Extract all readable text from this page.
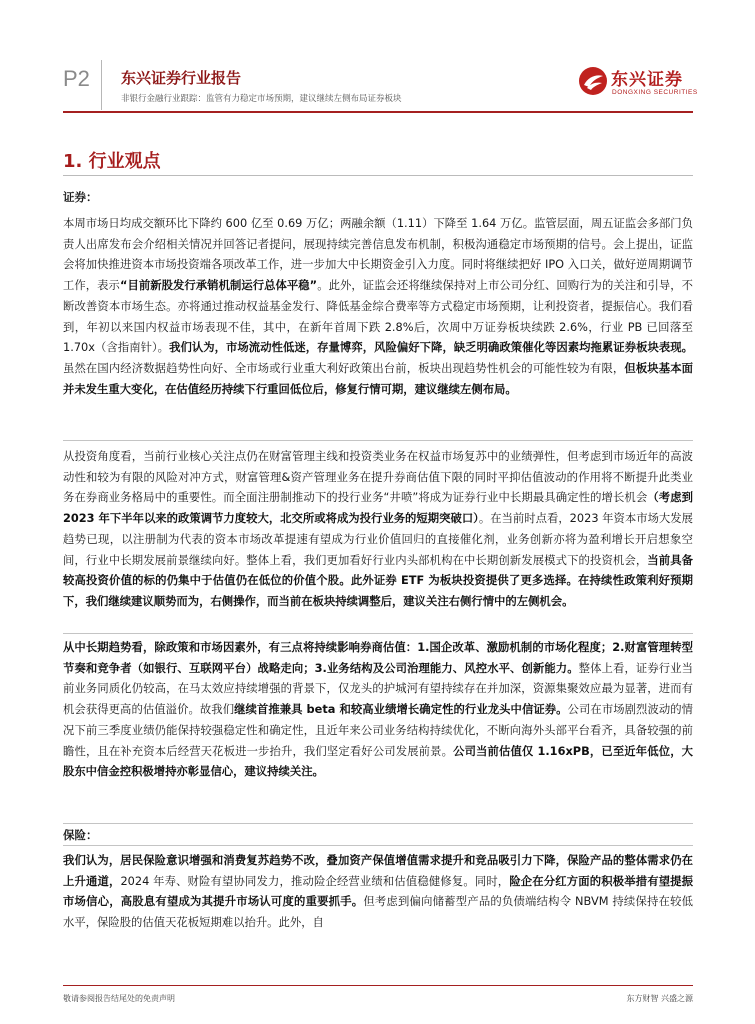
P2 东兴证券行业报告
非银行金融行业跟踪：监管有力稳定市场预期，建议继续左侧布局证券板块
东兴证券
DONGXING SECURITIES
1. 行业观点
证券：
本周市场日均成交额环比下降约 600 亿至 0.69 万亿；两融余额（1.11）下降至 1.64 万亿。监管层面，周五证监会多部门负责人出席发布会介绍相关情况并回答记者提问，展现持续完善信息发布机制，积极沟通稳定市场预期的信号。会上提出，证监会将加快推进资本市场投资端各项改革工作，进一步加大中长期资金引入力度。同时将继续把好 IPO 入口关，做好逆周期调节工作，表示“目前新股发行承销机制运行总体平稳”。此外，证监会还将继续保持对上市公司分红、回购行为的关注和引导，不断改善资本市场生态。亦将通过推动权益基金发行、降低基金综合费率等方式稳定市场预期，让利投资者，提振信心。我们看到，年初以来国内权益市场表现不佳，其中，在新年首周下跌 2.8%后，次周中万证券板块续跌 2.6%，行业 PB 已回落至 1.70x（含指南针）。我们认为，市场流动性低迷，存量博弈，风险偏好下降，缺乏明确政策催化等因素均拖累证券板块表现。虽然在国内经济数据趋势性向好、全市场或行业重大利好政策出台前，板块出现趋势性机会的可能性较为有限，但板块基本面并未发生重大变化，在估值经历持续下行重回低位后，修复行情可期，建议继续左侧布局。
从投资角度看，当前行业核心关注点仍在财富管理主线和投资类业务在权益市场复苏中的业绩弹性，但考虑到市场近年的高波动性和较为有限的风险对冲方式，财富管理&资产管理业务在提升券商估值下限的同时平抑估值波动的作用将不断提升此类业务在券商业务格局中的重要性。而全面注册制推动下的投行业务“井喷”将成为证券行业中长期最具确定性的增长机会（考虑到 2023 年下半年以来的政策调节力度较大，北交所或将成为投行业务的短期突破口）。在当前时点看，2023 年资本市场大发展趋势已现，以注册制为代表的资本市场改革提速有望成为行业价值回归的直接催化剂，业务创新亦将为盈利增长开启想象空间，行业中长期发展前景继续向好。整体上看，我们更加看好行业内头部机构在中长期创新发展模式下的投资机会，当前具备较高投资价值的标的仍集中于估值仍在低位的价值个股。此外证券 ETF 为板块投资提供了更多选择。在持续性政策利好预期下，我们继续建议顺势而为，右侧操作，而当前在板块持续调整后，建议关注右侧行情中的左侧机会。
从中长期趋势看，除政策和市场因素外，有三点将持续影响券商估值：1.国企改革、激励机制的市场化程度；2.财富管理转型节奏和竞争者（如银行、互联网平台）战略走向；3.业务结构及公司治理能力、风控水平、创新能力。整体上看，证券行业当前业务同质化仍较高，在马太效应持续增强的背景下，仅龙头的护城河有望持续存在并加深，资源集聚效应最为显著，进而有机会获得更高的估值溢价。故我们继续首推兼具 beta 和较高业绩增长确定性的行业龙头中信证券。公司在市场剧烈波动的情况下前三季度业绩仍能保持较强稳定性和确定性，且近年来公司业务结构持续优化，不断向海外头部平台看齐，具备较强的前瞻性，且在补充资本后经营天花板进一步抬升，我们坚定看好公司发展前景。公司当前估值仅 1.16xPB，已至近年低位，大股东中信金控积极增持亦彰显信心，建议持续关注。
保险：
我们认为，居民保险意识增强和消费复苏趋势不改，叠加资产保值增值需求提升和竞品吸引力下降，保险产品的整体需求仍在上升通道，2024 年寿、财险有望协同发力，推动险企经营业绩和估值稳健修复。同时，险企在分红方面的积极举措有望提振市场信心，高股息有望成为其提升市场认可度的重要抓手。但考虑到偏向储蓄型产品的负债端结构令 NBVM 持续保持在较低水平，保险股的估值天花板短期难以抬升。此外，自
敬请参阅报告结尾处的免责声明	东方财智 兴盛之源
